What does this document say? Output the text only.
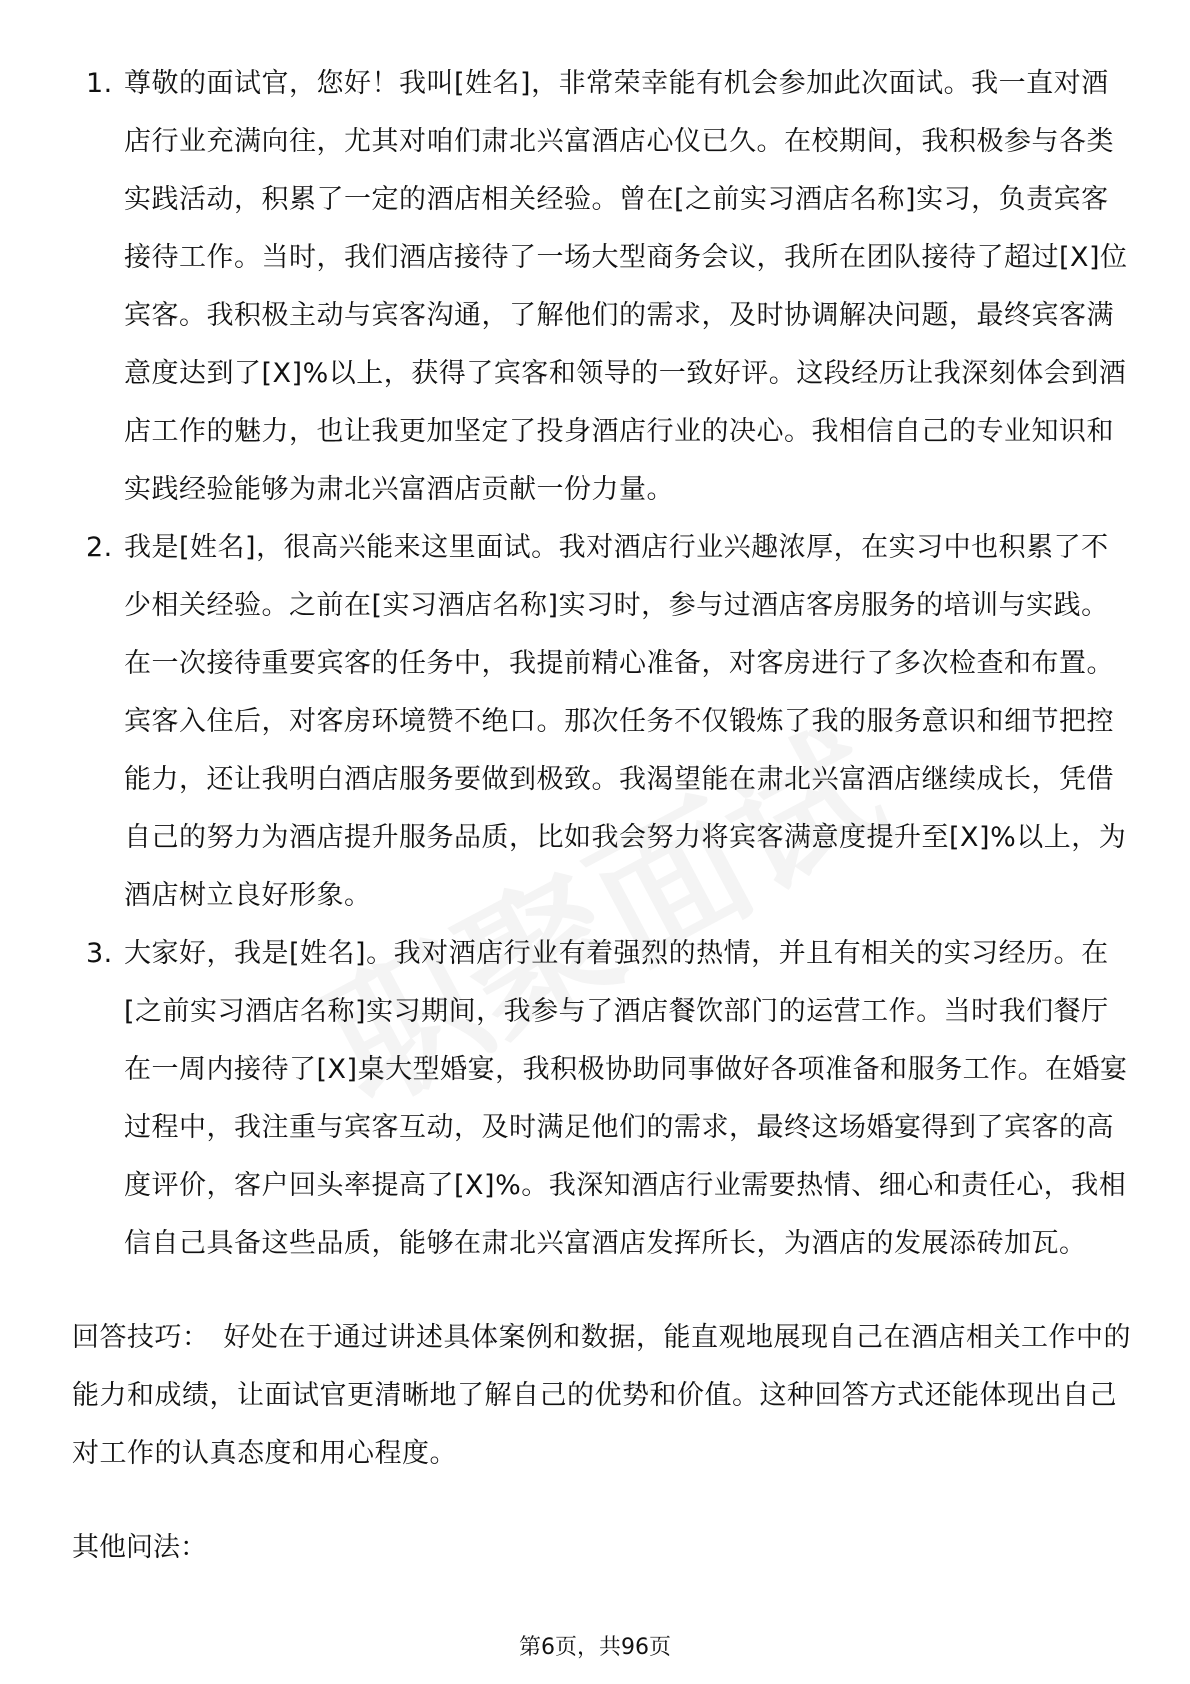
1. 尊敬的面试官，您好！我叫[姓名]，非常荣幸能有机会参加此次面试。我一直对酒店行业充满向往，尤其对咱们肃北兴富酒店心仪已久。在校期间，我积极参与各类实践活动，积累了一定的酒店相关经验。曾在[之前实习酒店名称]实习，负责宾客接待工作。当时，我们酒店接待了一场大型商务会议，我所在团队接待了超过[X]位宾客。我积极主动与宾客沟通，了解他们的需求，及时协调解决问题，最终宾客满意度达到了[X]%以上，获得了宾客和领导的一致好评。这段经历让我深刻体会到酒店工作的魅力，也让我更加坚定了投身酒店行业的决心。我相信自己的专业知识和实践经验能够为肃北兴富酒店贡献一份力量。
2. 我是[姓名]，很高兴能来这里面试。我对酒店行业兴趣浓厚，在实习中也积累了不少相关经验。之前在[实习酒店名称]实习时，参与过酒店客房服务的培训与实践。在一次接待重要宾客的任务中，我提前精心准备，对客房进行了多次检查和布置。宾客入住后，对客房环境赞不绝口。那次任务不仅锻炼了我的服务意识和细节把控能力，还让我明白酒店服务要做到极致。我渴望能在肃北兴富酒店继续成长，凭借自己的努力为酒店提升服务品质，比如我会努力将宾客满意度提升至[X]%以上，为酒店树立良好形象。
3. 大家好，我是[姓名]。我对酒店行业有着强烈的热情，并且有相关的实习经历。在[之前实习酒店名称]实习期间，我参与了酒店餐饮部门的运营工作。当时我们餐厅在一周内接待了[X]桌大型婚宴，我积极协助同事做好各项准备和服务工作。在婚宴过程中，我注重与宾客互动，及时满足他们的需求，最终这场婚宴得到了宾客的高度评价，客户回头率提高了[X]%。我深知酒店行业需要热情、细心和责任心，我相信自己具备这些品质，能够在肃北兴富酒店发挥所长，为酒店的发展添砖加瓦。
回答技巧： 好处在于通过讲述具体案例和数据，能直观地展现自己在酒店相关工作中的能力和成绩，让面试官更清晰地了解自己的优势和价值。这种回答方式还能体现出自己对工作的认真态度和用心程度。
其他问法：
第6页，共96页
